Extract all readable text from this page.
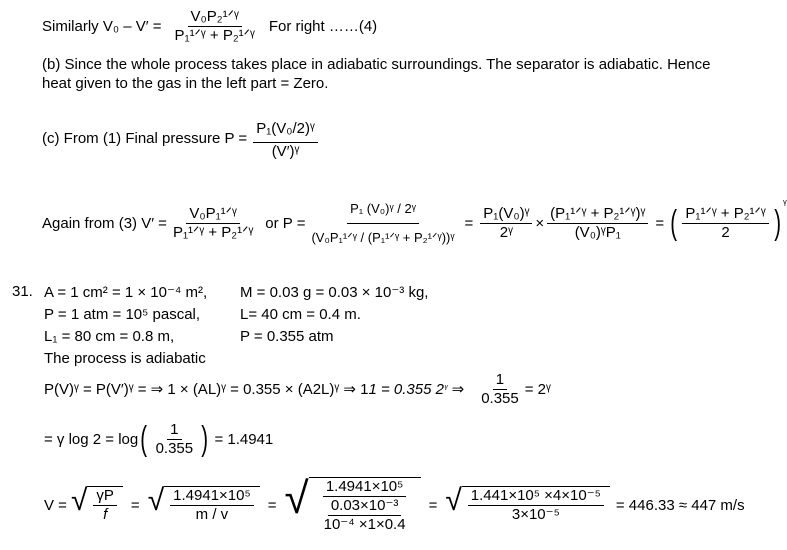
Similarly $V_0 - V' = \frac{\text{V₀P₂¹ᐟᵞ}}{\text{P₁¹ᐟᵞ + P₂¹ᐟᵞ}}$ For right ……(4)
(b) Since the whole process takes place in adiabatic surroundings. The separator is adiabatic. Hence
heat given to the gas in the left part = Zero.
(c) From (1) Final pressure $P = \frac{\text{P₁(V₀/2)ᵞ}}{\text{(V′)ᵞ}}$
Again from (3) $V' = \frac{\text{V₀P₁¹ᐟᵞ}}{\text{P₁¹ᐟᵞ + P₂¹ᐟᵞ}}$ or $P = \frac{\text{P₁ (V₀)ᵞ / 2ᵞ}}{\text{(V₀P₁¹ᐟᵞ / (P₁¹ᐟᵞ + P₂¹ᐟᵞ))ᵞ}} = \frac{\text{P₁(V₀)ᵞ}}{\text{2ᵞ}} \times \frac{\text{(P₁¹ᐟᵞ + P₂¹ᐟᵞ)ᵞ}}{\text{(V₀)ᵞP₁}}$ = ( $\frac{\text{P₁¹ᐟᵞ + P₂¹ᐟᵞ}}{2}$ ) ᵞ
31. A = 1 cm² = 1 × 10⁻⁴ m², M = 0.03 g = 0.03 × 10⁻³ kg,
P = 1 atm = 10⁵ pascal,	L= 40 cm = 0.4 m.
L₁ = 80 cm = 0.8 m,	P = 0.355 atm
The process is adiabatic
P(V)ᵞ = P(V′)ᵞ = ⇒ 1 × (AL)ᵞ = 0.355 × (A2L)ᵞ ⇒ 1 1 = 0.355 2 ᵞ ⇒ $\frac{1}{0.355}$ = 2ᵞ
= γ log 2 = log ( $\frac{1}{0.355}$ ) = 1.4941
V = √ $\frac{\gamma P}{f}$ = √ $\frac{\text{1.4941×10⁵}}{m / v}$ = √ $\frac{\text{1.4941×10⁵}}{\frac{\text{0.03×10⁻³}}{\text{10⁻⁴ ×1×0.4}}}$ = √ $\frac{\text{1.441×10⁵ ×4×10⁻⁵}}{\text{3×10⁻⁵}} = 446.33 \approx 447$ m/s
